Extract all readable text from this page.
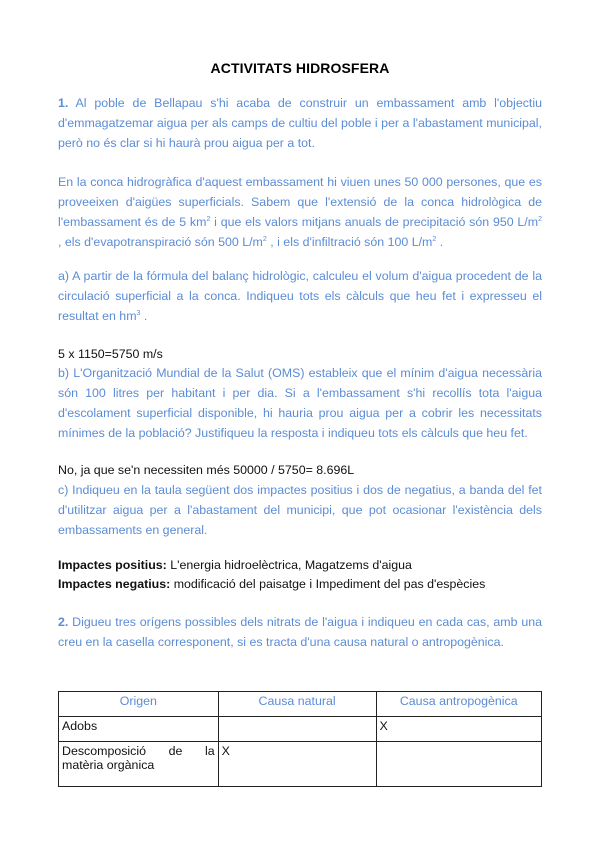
ACTIVITATS HIDROSFERA
1. Al poble de Bellapau s'hi acaba de construir un embassament amb l'objectiu d'emmagatzemar aigua per als camps de cultiu del poble i per a l'abastament municipal, però no és clar si hi haurà prou aigua per a tot.
En la conca hidrogràfica d'aquest embassament hi viuen unes 50 000 persones, que es proveeixen d'aigües superficials. Sabem que l'extensió de la conca hidrològica de l'embassament és de 5 $km^2$ i que els valors mitjans anuals de precipitació són 950 $L/m^2$ , els d'evapotranspiració són 500 $L/m^2$ , i els d'infiltració són 100 $L/m^2$ .
a) A partir de la fórmula del balanç hidrològic, calculeu el volum d'aigua procedent de la circulació superficial a la conca. Indiqueu tots els càlculs que heu fet i expresseu el resultat en $hm^3$ .
5 x 1150=5750 m/s
b) L'Organització Mundial de la Salut (OMS) estableix que el mínim d'aigua necessària són 100 litres per habitant i per dia. Si a l'embassament s'hi recollís tota l'aigua d'escolament superficial disponible, hi hauria prou aigua per a cobrir les necessitats mínimes de la població? Justifiqueu la resposta i indiqueu tots els càlculs que heu fet.
No, ja que se'n necessiten més 50000 / 5750= 8.696L
c) Indiqueu en la taula següent dos impactes positius i dos de negatius, a banda del fet d'utilitzar aigua per a l'abastament del municipi, que pot ocasionar l'existència dels embassaments en general.
Impactes positius: L'energia hidroelèctrica, Magatzems d'aigua
Impactes negatius: modificació del paisatge i Impediment del pas d'espècies
2. Digueu tres orígens possibles dels nitrats de l'aigua i indiqueu en cada cas, amb una creu en la casella corresponent, si es tracta d'una causa natural o antropogènica.
Origen	Causa natural	Causa antropogènica
Adobs		X

Descomposició de la
matèria orgànica	X	
